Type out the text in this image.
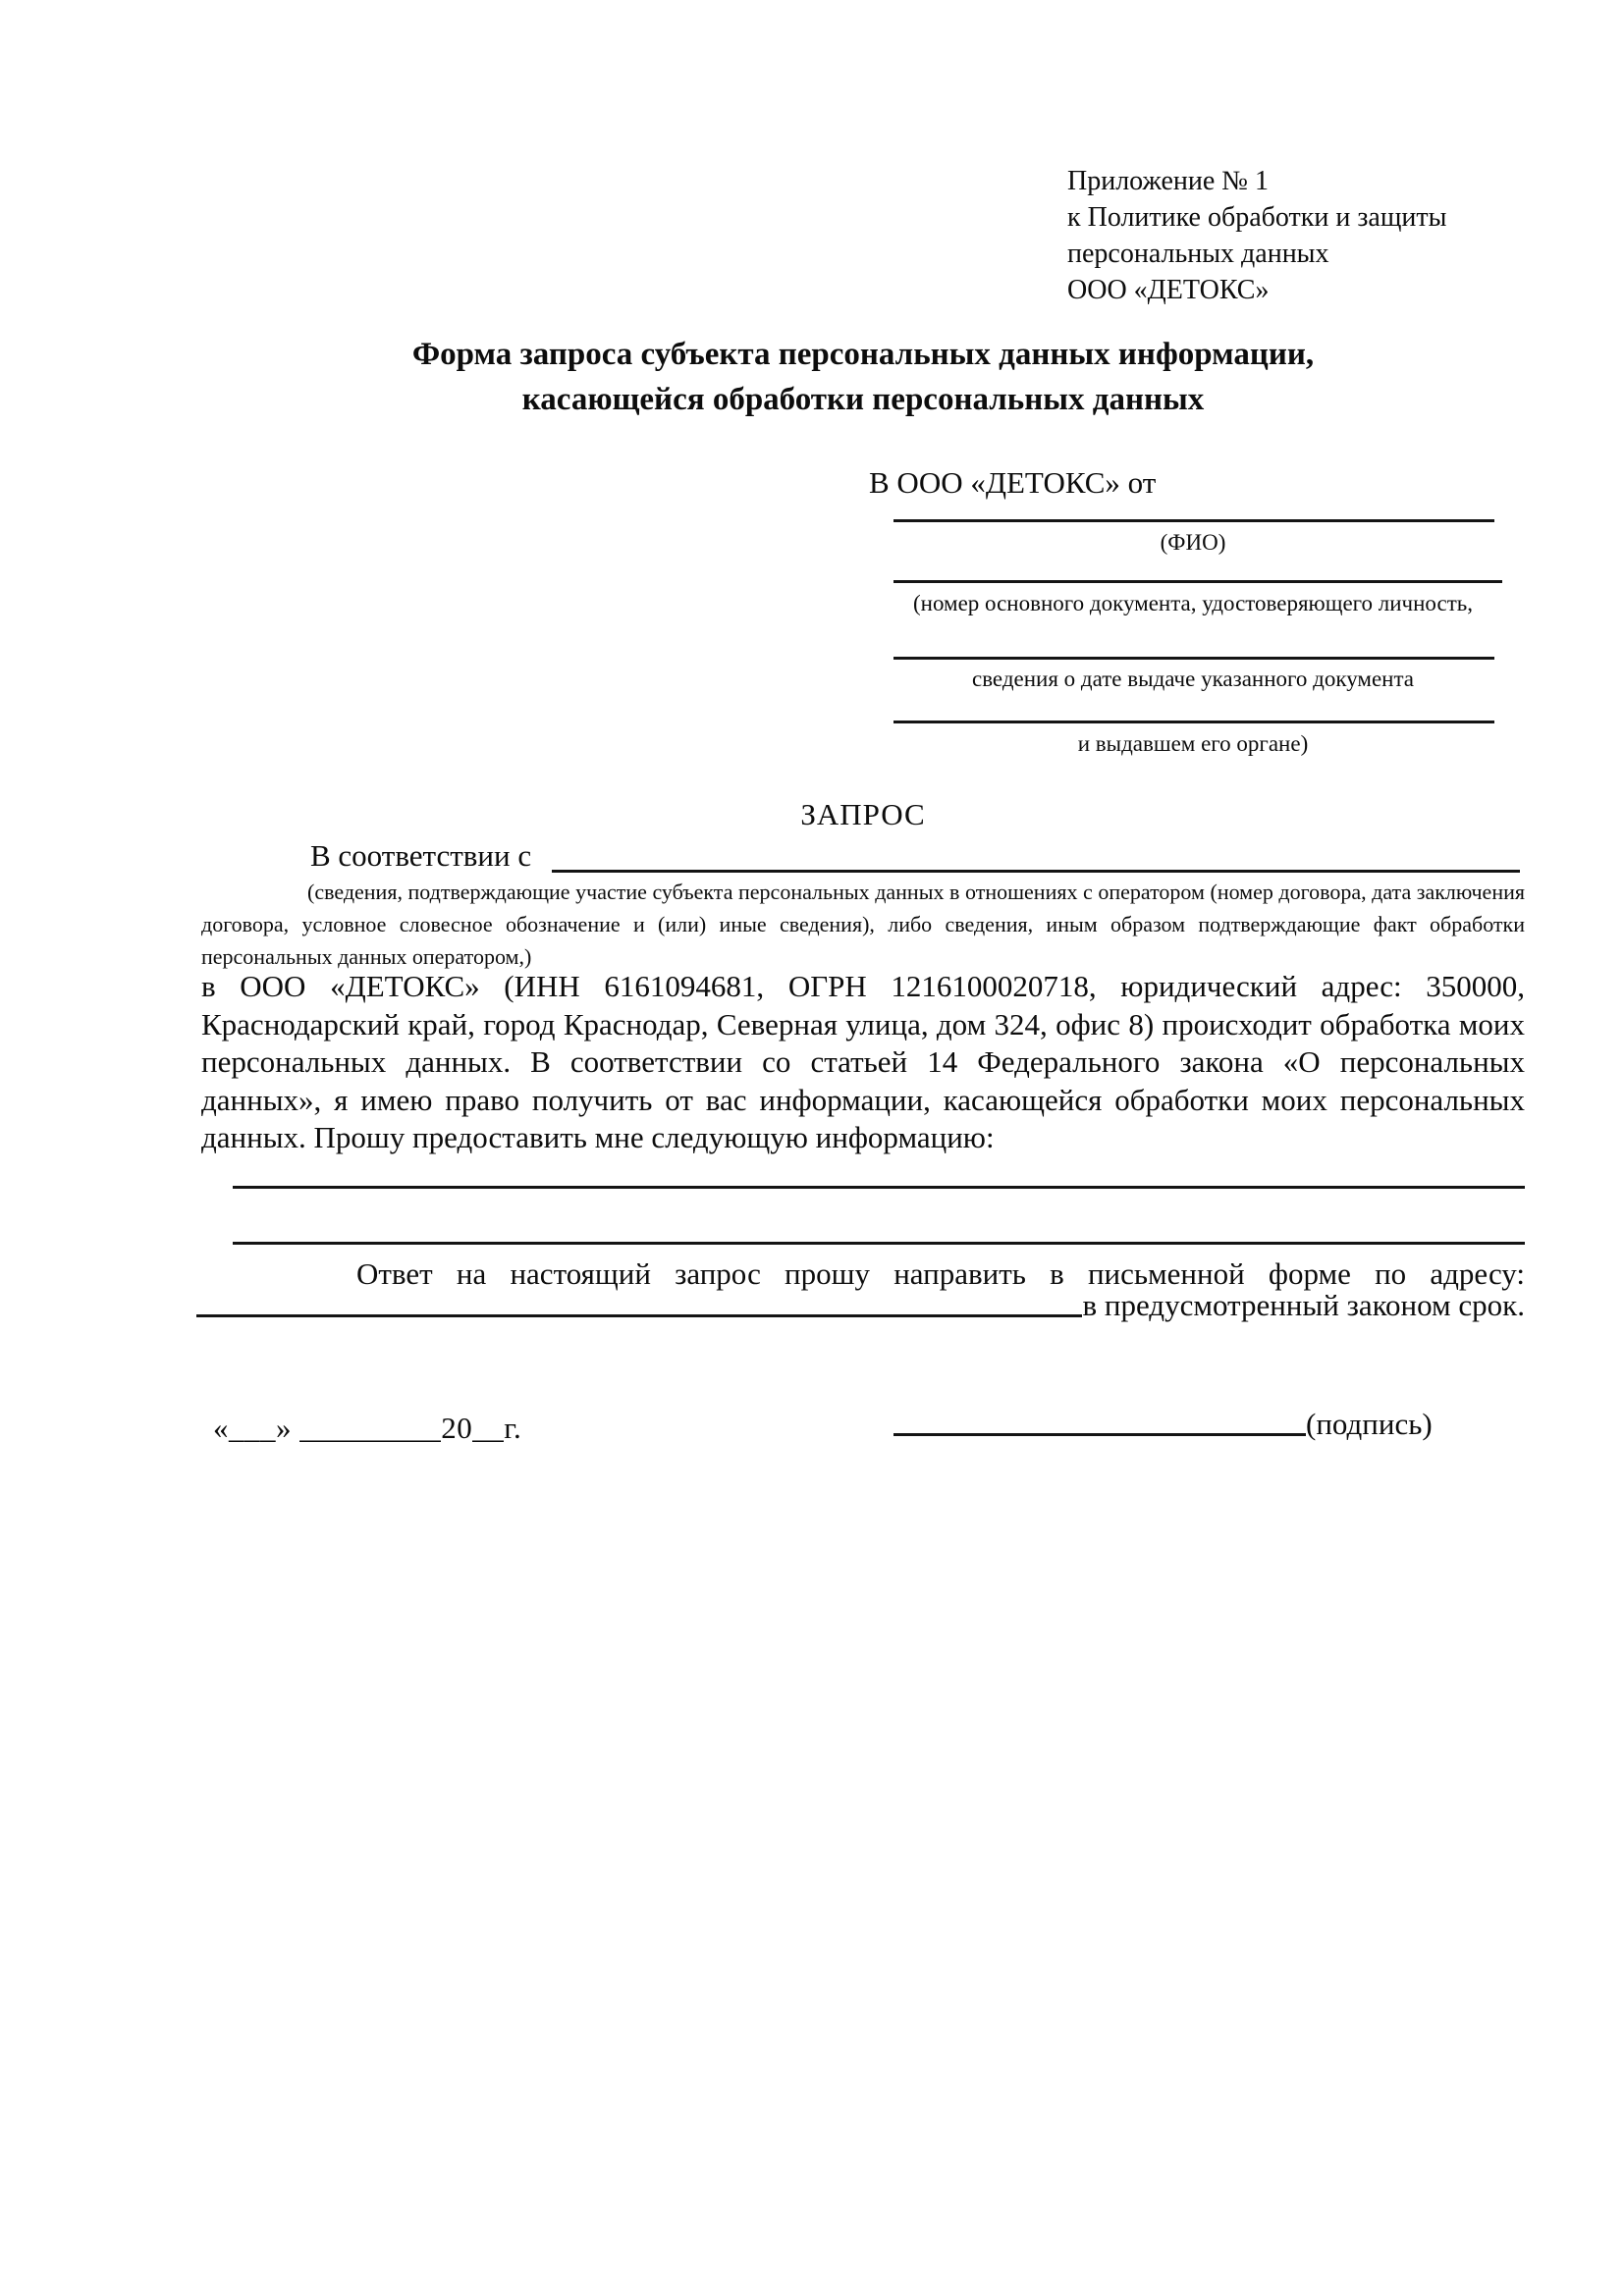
Приложение № 1
к Политике обработки и защиты
персональных данных
ООО «ДЕТОКС»
Форма запроса субъекта персональных данных информации,
касающейся обработки персональных данных
В ООО «ДЕТОКС» от
(ФИО)
(номер основного документа, удостоверяющего личность,
сведения о дате выдаче указанного документа
и выдавшем его органе)
ЗАПРОС
В соответствии с
(сведения, подтверждающие участие субъекта персональных данных в отношениях с оператором (номер договора, дата заключения договора, условное словесное обозначение и (или) иные сведения), либо сведения, иным образом подтверждающие факт обработки персональных данных оператором,)
в ООО «ДЕТОКС» (ИНН 6161094681, ОГРН 1216100020718, юридический адрес: 350000, Краснодарский край, город Краснодар, Северная улица, дом 324, офис 8) происходит обработка моих персональных данных. В соответствии со статьей 14 Федерального закона «О персональных данных», я имею право получить от вас информации, касающейся обработки моих персональных данных. Прошу предоставить мне следующую информацию:
Ответ на настоящий запрос прошу направить в письменной форме по адресу:
в предусмотренный законом срок.
«___» _________20__г.	(подпись)
